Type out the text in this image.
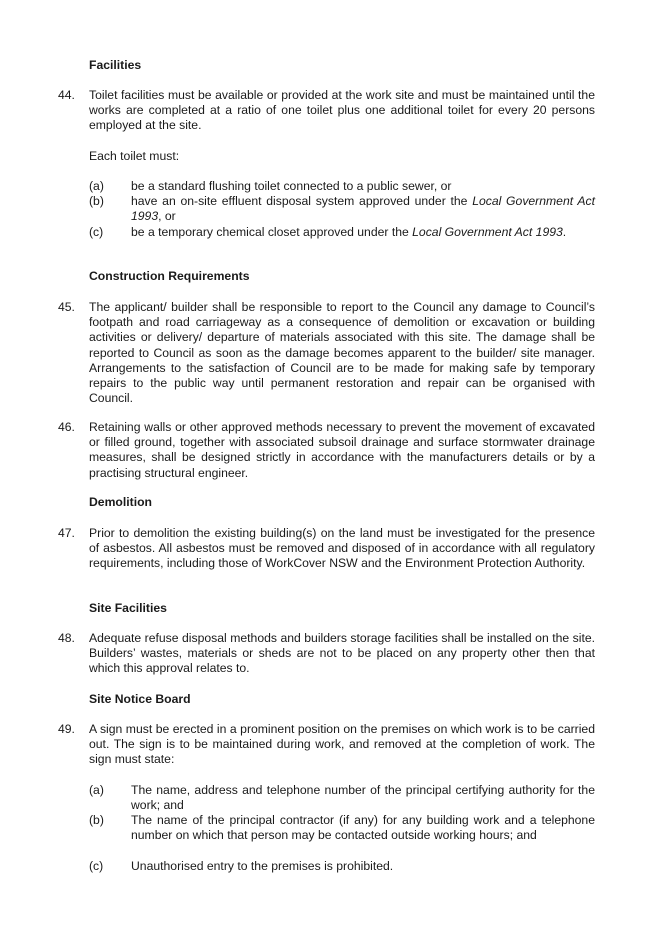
Facilities
44. Toilet facilities must be available or provided at the work site and must be maintained until the works are completed at a ratio of one toilet plus one additional toilet for every 20 persons employed at the site.
Each toilet must:
(a) be a standard flushing toilet connected to a public sewer, or
(b) have an on-site effluent disposal system approved under the Local Government Act 1993, or
(c) be a temporary chemical closet approved under the Local Government Act 1993.
Construction Requirements
45. The applicant/ builder shall be responsible to report to the Council any damage to Council’s footpath and road carriageway as a consequence of demolition or excavation or building activities or delivery/ departure of materials associated with this site. The damage shall be reported to Council as soon as the damage becomes apparent to the builder/ site manager. Arrangements to the satisfaction of Council are to be made for making safe by temporary repairs to the public way until permanent restoration and repair can be organised with Council.
46. Retaining walls or other approved methods necessary to prevent the movement of excavated or filled ground, together with associated subsoil drainage and surface stormwater drainage measures, shall be designed strictly in accordance with the manufacturers details or by a practising structural engineer.
Demolition
47. Prior to demolition the existing building(s) on the land must be investigated for the presence of asbestos. All asbestos must be removed and disposed of in accordance with all regulatory requirements, including those of WorkCover NSW and the Environment Protection Authority.
Site Facilities
48. Adequate refuse disposal methods and builders storage facilities shall be installed on the site. Builders’ wastes, materials or sheds are not to be placed on any property other then that which this approval relates to.
Site Notice Board
49. A sign must be erected in a prominent position on the premises on which work is to be carried out. The sign is to be maintained during work, and removed at the completion of work. The sign must state:
(a) The name, address and telephone number of the principal certifying authority for the work; and
(b) The name of the principal contractor (if any) for any building work and a telephone number on which that person may be contacted outside working hours; and
(c) Unauthorised entry to the premises is prohibited.
